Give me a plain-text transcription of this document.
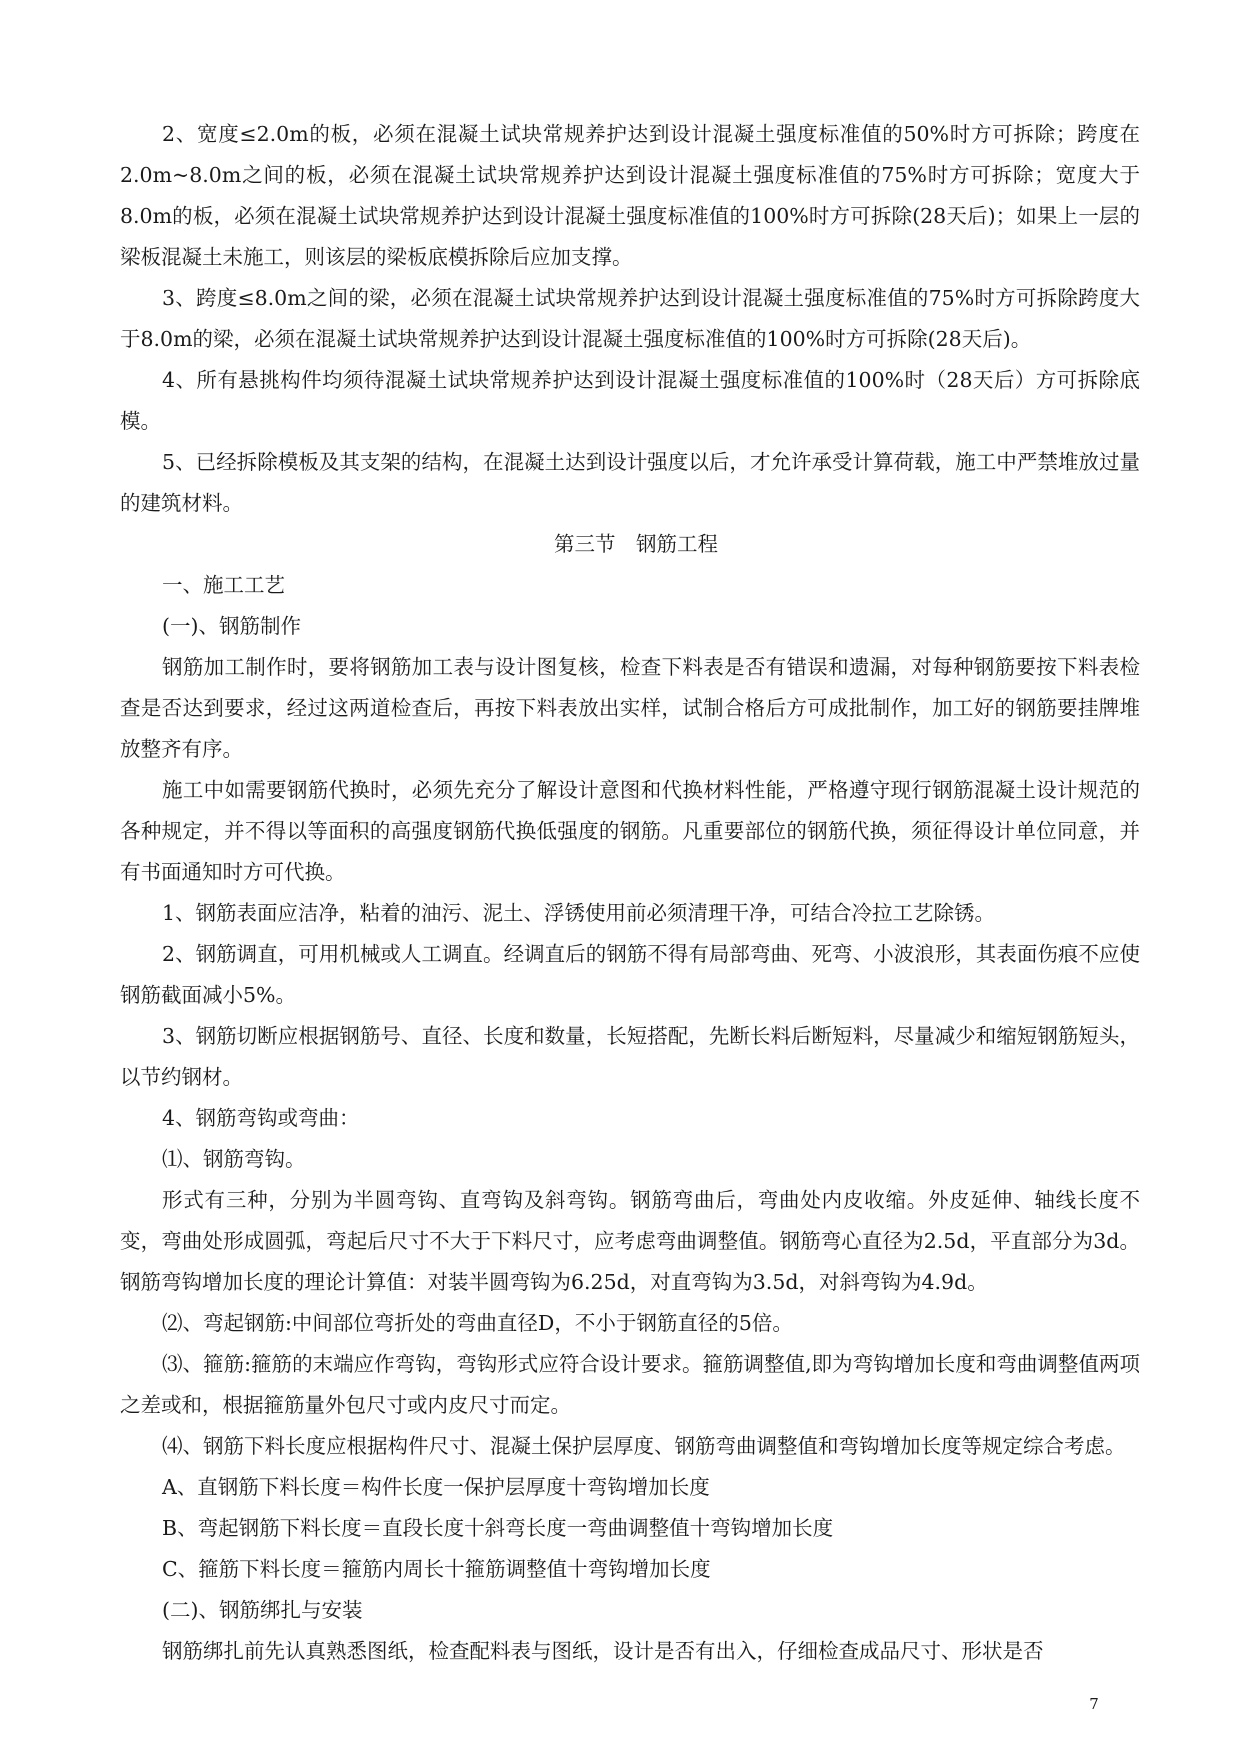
2、宽度≤2.0m的板，必须在混凝土试块常规养护达到设计混凝土强度标准值的50%时方可拆除；跨度在2.0m~8.0m之间的板，必须在混凝土试块常规养护达到设计混凝土强度标准值的75%时方可拆除；宽度大于8.0m的板，必须在混凝土试块常规养护达到设计混凝土强度标准值的100%时方可拆除(28天后)；如果上一层的梁板混凝土未施工，则该层的梁板底模拆除后应加支撑。

3、跨度≤8.0m之间的梁，必须在混凝土试块常规养护达到设计混凝土强度标准值的75%时方可拆除跨度大于8.0m的梁，必须在混凝土试块常规养护达到设计混凝土强度标准值的100%时方可拆除(28天后)。

4、所有悬挑构件均须待混凝土试块常规养护达到设计混凝土强度标准值的100%时（28天后）方可拆除底模。

5、已经拆除模板及其支架的结构，在混凝土达到设计强度以后，才允许承受计算荷载，施工中严禁堆放过量的建筑材料。

第三节　钢筋工程

一、施工工艺

(一)、钢筋制作

钢筋加工制作时，要将钢筋加工表与设计图复核，检查下料表是否有错误和遗漏，对每种钢筋要按下料表检查是否达到要求，经过这两道检查后，再按下料表放出实样，试制合格后方可成批制作，加工好的钢筋要挂牌堆放整齐有序。

施工中如需要钢筋代换时，必须先充分了解设计意图和代换材料性能，严格遵守现行钢筋混凝土设计规范的各种规定，并不得以等面积的高强度钢筋代换低强度的钢筋。凡重要部位的钢筋代换，须征得设计单位同意，并有书面通知时方可代换。

1、钢筋表面应洁净，粘着的油污、泥土、浮锈使用前必须清理干净，可结合冷拉工艺除锈。

2、钢筋调直，可用机械或人工调直。经调直后的钢筋不得有局部弯曲、死弯、小波浪形，其表面伤痕不应使钢筋截面减小5%。

3、钢筋切断应根据钢筋号、直径、长度和数量，长短搭配，先断长料后断短料，尽量减少和缩短钢筋短头，以节约钢材。

4、钢筋弯钩或弯曲：

⑴、钢筋弯钩。

形式有三种，分别为半圆弯钩、直弯钩及斜弯钩。钢筋弯曲后，弯曲处内皮收缩。外皮延伸、轴线长度不变，弯曲处形成圆弧，弯起后尺寸不大于下料尺寸，应考虑弯曲调整值。钢筋弯心直径为2.5d，平直部分为3d。钢筋弯钩增加长度的理论计算值：对装半圆弯钩为6.25d，对直弯钩为3.5d，对斜弯钩为4.9d。

⑵、弯起钢筋:中间部位弯折处的弯曲直径D，不小于钢筋直径的5倍。

⑶、箍筋:箍筋的末端应作弯钩，弯钩形式应符合设计要求。箍筋调整值,即为弯钩增加长度和弯曲调整值两项之差或和，根据箍筋量外包尺寸或内皮尺寸而定。

⑷、钢筋下料长度应根据构件尺寸、混凝土保护层厚度、钢筋弯曲调整值和弯钩增加长度等规定综合考虑。

A、直钢筋下料长度＝构件长度一保护层厚度十弯钩增加长度

B、弯起钢筋下料长度＝直段长度十斜弯长度一弯曲调整值十弯钩增加长度

C、箍筋下料长度＝箍筋内周长十箍筋调整值十弯钩增加长度

(二)、钢筋绑扎与安装

钢筋绑扎前先认真熟悉图纸，检查配料表与图纸，设计是否有出入，仔细检查成品尺寸、形状是否

7
